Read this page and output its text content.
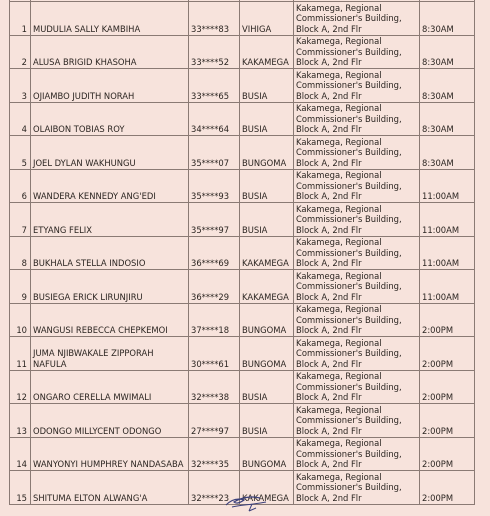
1	MUDULIA SALLY KAMBIHA	33****83	VIHIGA	Kakamega, Regional Commissioner's Building, Block A, 2nd Flr	8:30AM
2	ALUSA BRIGID KHASOHA	33****52	KAKAMEGA	Kakamega, Regional Commissioner's Building, Block A, 2nd Flr	8:30AM
3	OJIAMBO JUDITH NORAH	33****65	BUSIA	Kakamega, Regional Commissioner's Building, Block A, 2nd Flr	8:30AM
4	OLAIBON TOBIAS ROY	34****64	BUSIA	Kakamega, Regional Commissioner's Building, Block A, 2nd Flr	8:30AM
5	JOEL DYLAN WAKHUNGU	35****07	BUNGOMA	Kakamega, Regional Commissioner's Building, Block A, 2nd Flr	8:30AM
6	WANDERA KENNEDY ANG'EDI	35****93	BUSIA	Kakamega, Regional Commissioner's Building, Block A, 2nd Flr	11:00AM
7	ETYANG FELIX	35****97	BUSIA	Kakamega, Regional Commissioner's Building, Block A, 2nd Flr	11:00AM
8	BUKHALA STELLA INDOSIO	36****69	KAKAMEGA	Kakamega, Regional Commissioner's Building, Block A, 2nd Flr	11:00AM
9	BUSIEGA ERICK LIRUNJIRU	36****29	KAKAMEGA	Kakamega, Regional Commissioner's Building, Block A, 2nd Flr	11:00AM
10	WANGUSI REBECCA CHEPKEMOI	37****18	BUNGOMA	Kakamega, Regional Commissioner's Building, Block A, 2nd Flr	2:00PM
11	JUMA NJIBWAKALE ZIPPORAH NAFULA	30****61	BUNGOMA	Kakamega, Regional Commissioner's Building, Block A, 2nd Flr	2:00PM
12	ONGARO CERELLA MWIMALI	32****38	BUSIA	Kakamega, Regional Commissioner's Building, Block A, 2nd Flr	2:00PM
13	ODONGO MILLYCENT ODONGO	27****97	BUSIA	Kakamega, Regional Commissioner's Building, Block A, 2nd Flr	2:00PM
14	WANYONYI HUMPHREY NANDASABA	32****35	BUNGOMA	Kakamega, Regional Commissioner's Building, Block A, 2nd Flr	2:00PM
15	SHITUMA ELTON ALWANG'A	32****23	KAKAMEGA	Kakamega, Regional Commissioner's Building, Block A, 2nd Flr	2:00PM
